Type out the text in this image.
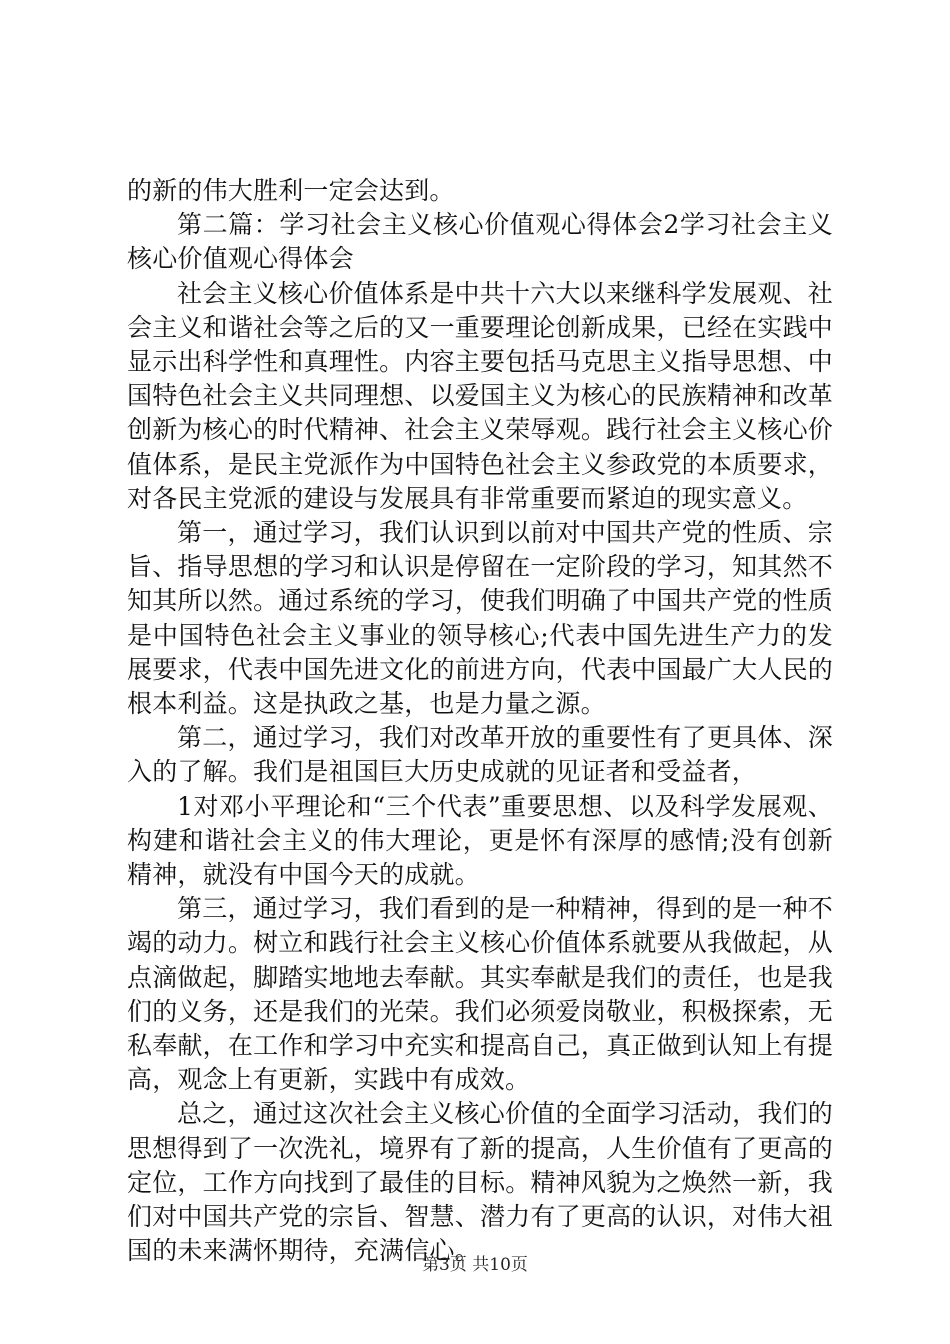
的新的伟大胜利一定会达到。

第二篇：学习社会主义核心价值观心得体会2学习社会主义核心价值观心得体会

社会主义核心价值体系是中共十六大以来继科学发展观、社会主义和谐社会等之后的又一重要理论创新成果，已经在实践中显示出科学性和真理性。内容主要包括马克思主义指导思想、中国特色社会主义共同理想、以爱国主义为核心的民族精神和改革创新为核心的时代精神、社会主义荣辱观。践行社会主义核心价值体系，是民主党派作为中国特色社会主义参政党的本质要求，对各民主党派的建设与发展具有非常重要而紧迫的现实意义。

第一，通过学习，我们认识到以前对中国共产党的性质、宗旨、指导思想的学习和认识是停留在一定阶段的学习，知其然不知其所以然。通过系统的学习，使我们明确了中国共产党的性质是中国特色社会主义事业的领导核心;代表中国先进生产力的发展要求，代表中国先进文化的前进方向，代表中国最广大人民的根本利益。这是执政之基，也是力量之源。

第二，通过学习，我们对改革开放的重要性有了更具体、深入的了解。我们是祖国巨大历史成就的见证者和受益者，

1对邓小平理论和“三个代表”重要思想、以及科学发展观、构建和谐社会主义的伟大理论，更是怀有深厚的感情;没有创新精神，就没有中国今天的成就。

第三，通过学习，我们看到的是一种精神，得到的是一种不竭的动力。树立和践行社会主义核心价值体系就要从我做起，从点滴做起，脚踏实地地去奉献。其实奉献是我们的责任，也是我们的义务，还是我们的光荣。我们必须爱岗敬业，积极探索，无私奉献，在工作和学习中充实和提高自己，真正做到认知上有提高，观念上有更新，实践中有成效。

总之，通过这次社会主义核心价值的全面学习活动，我们的思想得到了一次洗礼，境界有了新的提高，人生价值有了更高的定位，工作方向找到了最佳的目标。精神风貌为之焕然一新，我们对中国共产党的宗旨、智慧、潜力有了更高的认识，对伟大祖国的未来满怀期待，充满信心。

第3页 共10页
